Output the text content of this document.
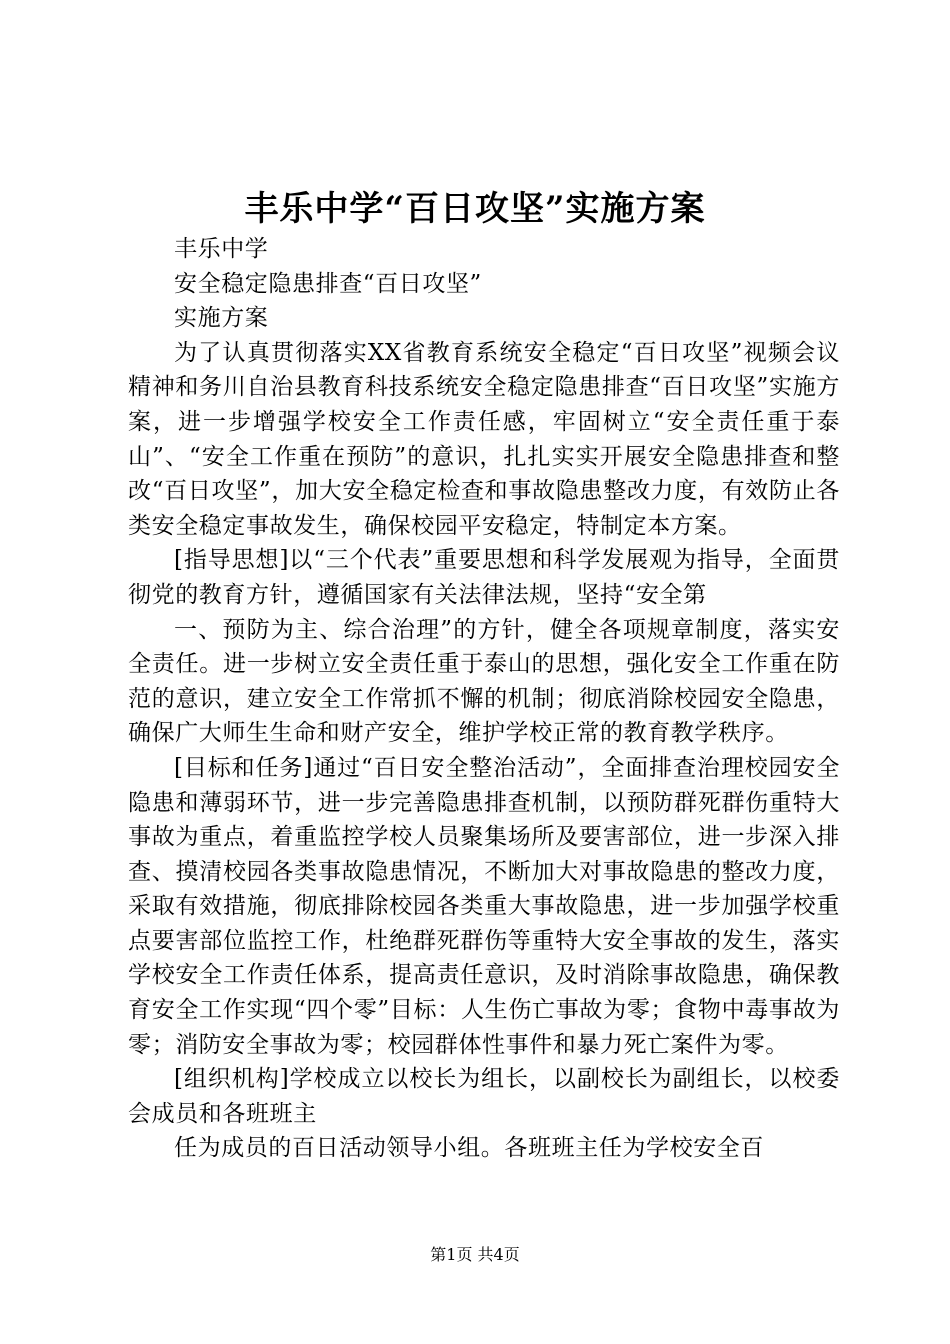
丰乐中学“百日攻坚”实施方案

丰乐中学

安全稳定隐患排查“百日攻坚”

实施方案

为了认真贯彻落实XX省教育系统安全稳定“百日攻坚”视频会议精神和务川自治县教育科技系统安全稳定隐患排查“百日攻坚”实施方案，进一步增强学校安全工作责任感，牢固树立“安全责任重于泰山”、“安全工作重在预防”的意识，扎扎实实开展安全隐患排查和整改“百日攻坚”，加大安全稳定检查和事故隐患整改力度，有效防止各类安全稳定事故发生，确保校园平安稳定，特制定本方案。

[指导思想]以“三个代表”重要思想和科学发展观为指导，全面贯彻党的教育方针，遵循国家有关法律法规，坚持“安全第

一、预防为主、综合治理”的方针，健全各项规章制度，落实安全责任。进一步树立安全责任重于泰山的思想，强化安全工作重在防范的意识，建立安全工作常抓不懈的机制；彻底消除校园安全隐患，确保广大师生生命和财产安全，维护学校正常的教育教学秩序。

[目标和任务]通过“百日安全整治活动”，全面排查治理校园安全隐患和薄弱环节，进一步完善隐患排查机制，以预防群死群伤重特大事故为重点，着重监控学校人员聚集场所及要害部位，进一步深入排查、摸清校园各类事故隐患情况，不断加大对事故隐患的整改力度，采取有效措施，彻底排除校园各类重大事故隐患，进一步加强学校重点要害部位监控工作，杜绝群死群伤等重特大安全事故的发生，落实学校安全工作责任体系，提高责任意识，及时消除事故隐患，确保教育安全工作实现“四个零”目标：人生伤亡事故为零；食物中毒事故为零；消防安全事故为零；校园群体性事件和暴力死亡案件为零。

[组织机构]学校成立以校长为组长，以副校长为副组长，以校委会成员和各班班主

任为成员的百日活动领导小组。各班班主任为学校安全百

第1页 共4页
